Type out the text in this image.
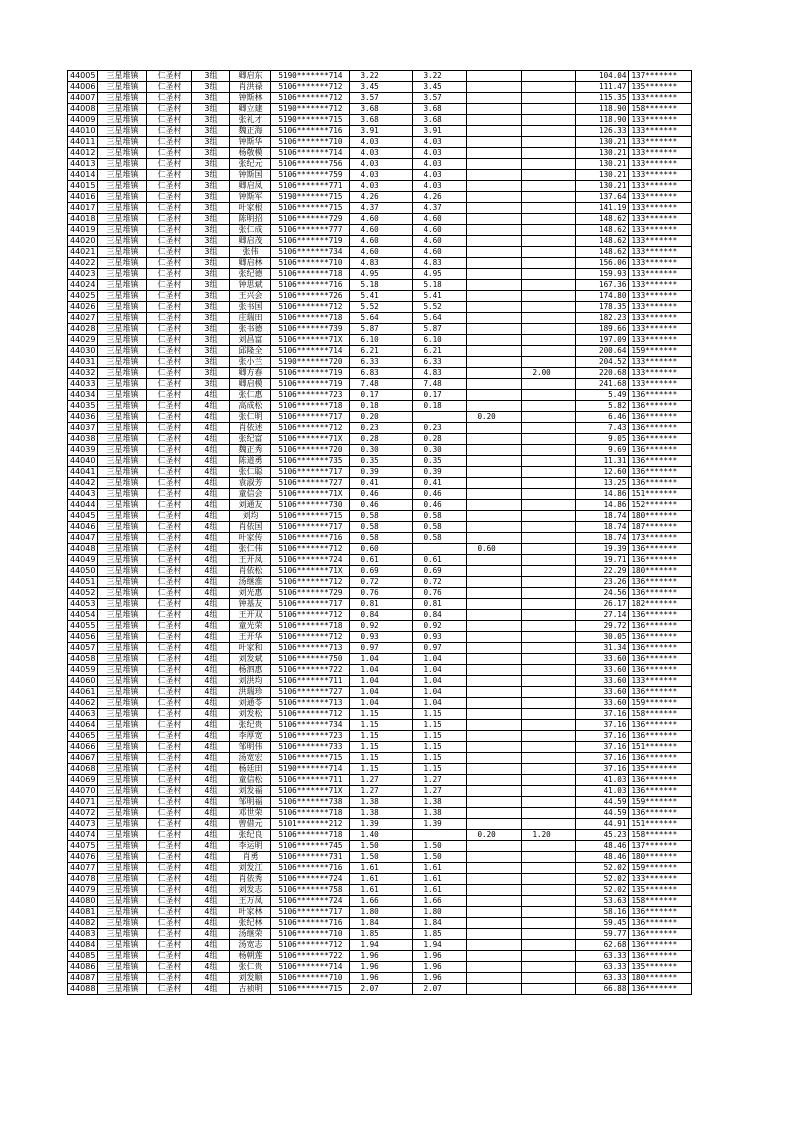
44005	三星堆镇	仁圣村	3组	卿启东	5190*******714	3.22	3.22			104.04	137*******
44006	三星堆镇	仁圣村	3组	肖洪禄	5106*******712	3.45	3.45			111.47	135*******
44007	三星堆镇	仁圣村	3组	钟斯林	5106*******712	3.57	3.57			115.35	133*******
44008	三星堆镇	仁圣村	3组	卿立建	5190*******712	3.68	3.68			118.90	158*******
44009	三星堆镇	仁圣村	3组	张礼才	5190*******715	3.68	3.68			118.90	133*******
44010	三星堆镇	仁圣村	3组	魏正海	5106*******716	3.91	3.91			126.33	133*******
44011	三星堆镇	仁圣村	3组	钟斯华	5106*******710	4.03	4.03			130.21	133*******
44012	三星堆镇	仁圣村	3组	杨敬模	5106*******714	4.03	4.03			130.21	133*******
44013	三星堆镇	仁圣村	3组	张纪元	5106*******756	4.03	4.03			130.21	133*******
44014	三星堆镇	仁圣村	3组	钟斯国	5106*******759	4.03	4.03			130.21	133*******
44015	三星堆镇	仁圣村	3组	卿启凤	5106*******771	4.03	4.03			130.21	133*******
44016	三星堆镇	仁圣村	3组	钟斯军	5190*******715	4.26	4.26			137.64	133*******
44017	三星堆镇	仁圣村	3组	叶家根	5106*******715	4.37	4.37			141.19	133*******
44018	三星堆镇	仁圣村	3组	陈明招	5106*******729	4.60	4.60			148.62	133*******
44019	三星堆镇	仁圣村	3组	张仁成	5106*******777	4.60	4.60			148.62	133*******
44020	三星堆镇	仁圣村	3组	卿启茂	5106*******719	4.60	4.60			148.62	133*******
44021	三星堆镇	仁圣村	3组	张伟	5106*******734	4.60	4.60			148.62	133*******
44022	三星堆镇	仁圣村	3组	卿启林	5106*******710	4.83	4.83			156.06	133*******
44023	三星堆镇	仁圣村	3组	张纪德	5106*******718	4.95	4.95			159.93	133*******
44024	三星堆镇	仁圣村	3组	钟思斌	5106*******716	5.18	5.18			167.36	133*******
44025	三星堆镇	仁圣村	3组	王兴会	5106*******726	5.41	5.41			174.80	133*******
44026	三星堆镇	仁圣村	3组	张书国	5106*******712	5.52	5.52			178.35	133*******
44027	三星堆镇	仁圣村	3组	庄瑞田	5106*******718	5.64	5.64			182.23	133*******
44028	三星堆镇	仁圣村	3组	张书德	5106*******739	5.87	5.87			189.66	133*******
44029	三星堆镇	仁圣村	3组	刘昌富	5106*******71X	6.10	6.10			197.09	133*******
44030	三星堆镇	仁圣村	3组	邱隆全	5106*******714	6.21	6.21			200.64	159*******
44031	三星堆镇	仁圣村	3组	张小兰	5190*******720	6.33	6.33			204.52	133*******
44032	三星堆镇	仁圣村	3组	卿方春	5106*******719	6.83	4.83		2.00	220.68	133*******
44033	三星堆镇	仁圣村	3组	卿启模	5106*******719	7.48	7.48			241.68	133*******
44034	三星堆镇	仁圣村	4组	张仁惠	5106*******723	0.17	0.17			5.49	136*******
44035	三星堆镇	仁圣村	4组	高成松	5106*******718	0.18	0.18			5.82	136*******
44036	三星堆镇	仁圣村	4组	张仁明	5106*******717	0.20		0.20		6.46	136*******
44037	三星堆镇	仁圣村	4组	肖依述	5106*******712	0.23	0.23			7.43	136*******
44038	三星堆镇	仁圣村	4组	张纪富	5106*******71X	0.28	0.28			9.05	136*******
44039	三星堆镇	仁圣村	4组	魏正秀	5106*******720	0.30	0.30			9.69	136*******
44040	三星堆镇	仁圣村	4组	陈道勇	5106*******735	0.35	0.35			11.31	136*******
44041	三星堆镇	仁圣村	4组	张仁聪	5106*******717	0.39	0.39			12.60	136*******
44042	三星堆镇	仁圣村	4组	袁淑芳	5106*******727	0.41	0.41			13.25	136*******
44043	三星堆镇	仁圣村	4组	童信会	5106*******71X	0.46	0.46			14.86	151*******
44044	三星堆镇	仁圣村	4组	刘通友	5106*******730	0.46	0.46			14.86	152*******
44045	三星堆镇	仁圣村	4组	刘均	5106*******715	0.58	0.58			18.74	180*******
44046	三星堆镇	仁圣村	4组	肖依国	5106*******717	0.58	0.58			18.74	187*******
44047	三星堆镇	仁圣村	4组	叶家传	5106*******716	0.58	0.58			18.74	173*******
44048	三星堆镇	仁圣村	4组	张仁伟	5106*******712	0.60		0.60		19.39	136*******
44049	三星堆镇	仁圣村	4组	王开凤	5106*******724	0.61	0.61			19.71	136*******
44050	三星堆镇	仁圣村	4组	肖依松	5106*******71X	0.69	0.69			22.29	180*******
44051	三星堆镇	仁圣村	4组	汤继淮	5106*******712	0.72	0.72			23.26	136*******
44052	三星堆镇	仁圣村	4组	刘光惠	5106*******729	0.76	0.76			24.56	136*******
44053	三星堆镇	仁圣村	4组	钟基友	5106*******717	0.81	0.81			26.17	182*******
44054	三星堆镇	仁圣村	4组	王开双	5106*******712	0.84	0.84			27.14	136*******
44055	三星堆镇	仁圣村	4组	童光荣	5106*******718	0.92	0.92			29.72	136*******
44056	三星堆镇	仁圣村	4组	王开华	5106*******712	0.93	0.93			30.05	136*******
44057	三星堆镇	仁圣村	4组	叶家和	5106*******713	0.97	0.97			31.34	136*******
44058	三星堆镇	仁圣村	4组	刘发斌	5106*******750	1.04	1.04			33.60	136*******
44059	三星堆镇	仁圣村	4组	杨泗惠	5106*******722	1.04	1.04			33.60	136*******
44060	三星堆镇	仁圣村	4组	刘洪均	5106*******711	1.04	1.04			33.60	133*******
44061	三星堆镇	仁圣村	4组	洪瑞珍	5106*******727	1.04	1.04			33.60	136*******
44062	三星堆镇	仁圣村	4组	刘通苓	5106*******713	1.04	1.04			33.60	159*******
44063	三星堆镇	仁圣村	4组	刘发松	5106*******712	1.15	1.15			37.16	158*******
44064	三星堆镇	仁圣村	4组	张纪贵	5106*******734	1.15	1.15			37.16	136*******
44065	三星堆镇	仁圣村	4组	李厚宽	5106*******723	1.15	1.15			37.16	136*******
44066	三星堆镇	仁圣村	4组	邹明伟	5106*******733	1.15	1.15			37.16	151*******
44067	三星堆镇	仁圣村	4组	汤宽宏	5106*******715	1.15	1.15			37.16	136*******
44068	三星堆镇	仁圣村	4组	杨廷田	5190*******714	1.15	1.15			37.16	135*******
44069	三星堆镇	仁圣村	4组	童信松	5106*******711	1.27	1.27			41.03	136*******
44070	三星堆镇	仁圣村	4组	刘发福	5106*******71X	1.27	1.27			41.03	136*******
44071	三星堆镇	仁圣村	4组	邹明福	5106*******738	1.38	1.38			44.59	159*******
44072	三星堆镇	仁圣村	4组	邓世荣	5106*******718	1.38	1.38			44.59	136*******
44073	三星堆镇	仁圣村	4组	曾借元	5101*******212	1.39	1.39			44.91	151*******
44074	三星堆镇	仁圣村	4组	张纪良	5106*******718	1.40		0.20	1.20	45.23	158*******
44075	三星堆镇	仁圣村	4组	李运明	5106*******745	1.50	1.50			48.46	137*******
44076	三星堆镇	仁圣村	4组	肖勇	5106*******731	1.50	1.50			48.46	180*******
44077	三星堆镇	仁圣村	4组	刘发江	5106*******716	1.61	1.61			52.02	159*******
44078	三星堆镇	仁圣村	4组	肖依秀	5106*******724	1.61	1.61			52.02	133*******
44079	三星堆镇	仁圣村	4组	刘发志	5106*******758	1.61	1.61			52.02	135*******
44080	三星堆镇	仁圣村	4组	王万凤	5106*******724	1.66	1.66			53.63	158*******
44081	三星堆镇	仁圣村	4组	叶家林	5106*******717	1.80	1.80			58.16	136*******
44082	三星堆镇	仁圣村	4组	张纪林	5106*******716	1.84	1.84			59.45	136*******
44083	三星堆镇	仁圣村	4组	汤继荣	5106*******710	1.85	1.85			59.77	136*******
44084	三星堆镇	仁圣村	4组	汤宽志	5106*******712	1.94	1.94			62.68	136*******
44085	三星堆镇	仁圣村	4组	杨朝莲	5106*******722	1.96	1.96			63.33	136*******
44086	三星堆镇	仁圣村	4组	张仁贵	5106*******714	1.96	1.96			63.33	135*******
44087	三星堆镇	仁圣村	4组	刘发顺	5106*******710	1.96	1.96			63.33	180*******
44088	三星堆镇	仁圣村	4组	古祯明	5106*******715	2.07	2.07			66.88	136*******
